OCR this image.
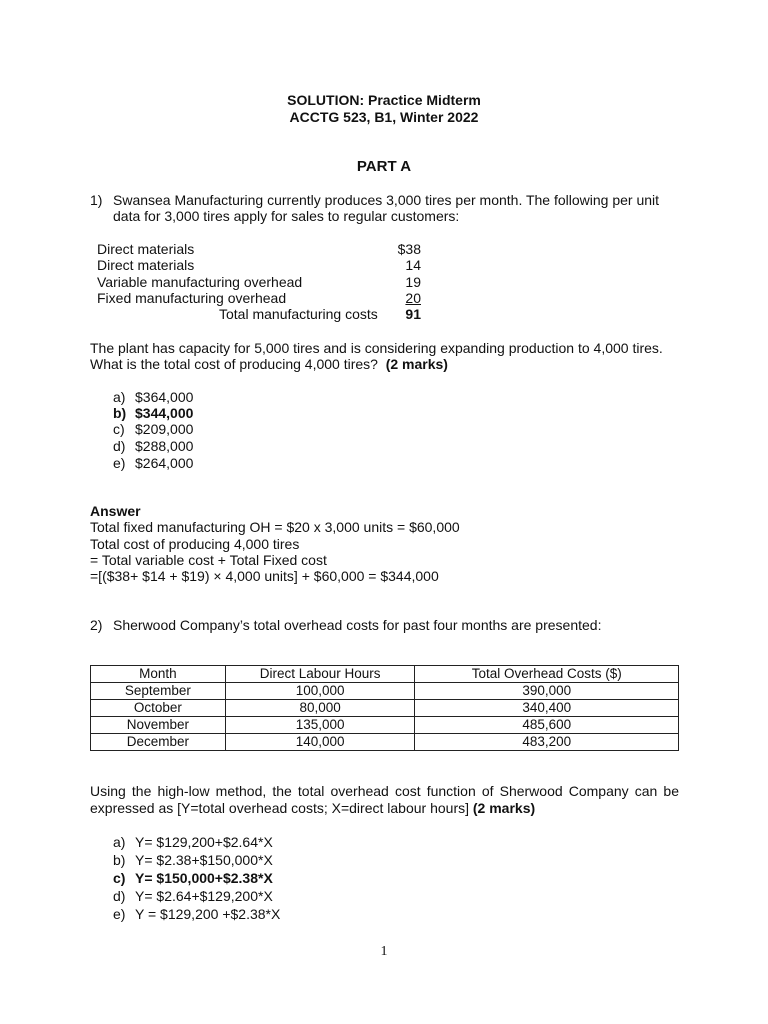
SOLUTION: Practice Midterm
ACCTG 523, B1, Winter 2022
PART A
1) Swansea Manufacturing currently produces 3,000 tires per month. The following per unit
data for 3,000 tires apply for sales to regular customers:
Direct materials	$38
Direct materials	14
Variable manufacturing overhead	19
Fixed manufacturing overhead	20
Total manufacturing costs	91
The plant has capacity for 5,000 tires and is considering expanding production to 4,000 tires.
What is the total cost of producing 4,000 tires? (2 marks)
a) $364,000
b) $344,000
c) $209,000
d) $288,000
e) $264,000
Answer
Total fixed manufacturing OH = $20 x 3,000 units = $60,000
Total cost of producing 4,000 tires
= Total variable cost + Total Fixed cost
=[($38+ $14 + $19) × 4,000 units] + $60,000 = $344,000
2) Sherwood Company’s total overhead costs for past four months are presented:
Month	Direct Labour Hours	Total Overhead Costs ($)
September	100,000	390,000
October	80,000	340,400
November	135,000	485,600
December	140,000	483,200
Using the high-low method, the total overhead cost function of Sherwood Company can be
expressed as [Y=total overhead costs; X=direct labour hours] (2 marks)
a) Y= $129,200+$2.64*X
b) Y= $2.38+$150,000*X
c) Y= $150,000+$2.38*X
d) Y= $2.64+$129,200*X
e) Y = $129,200 +$2.38*X
1
